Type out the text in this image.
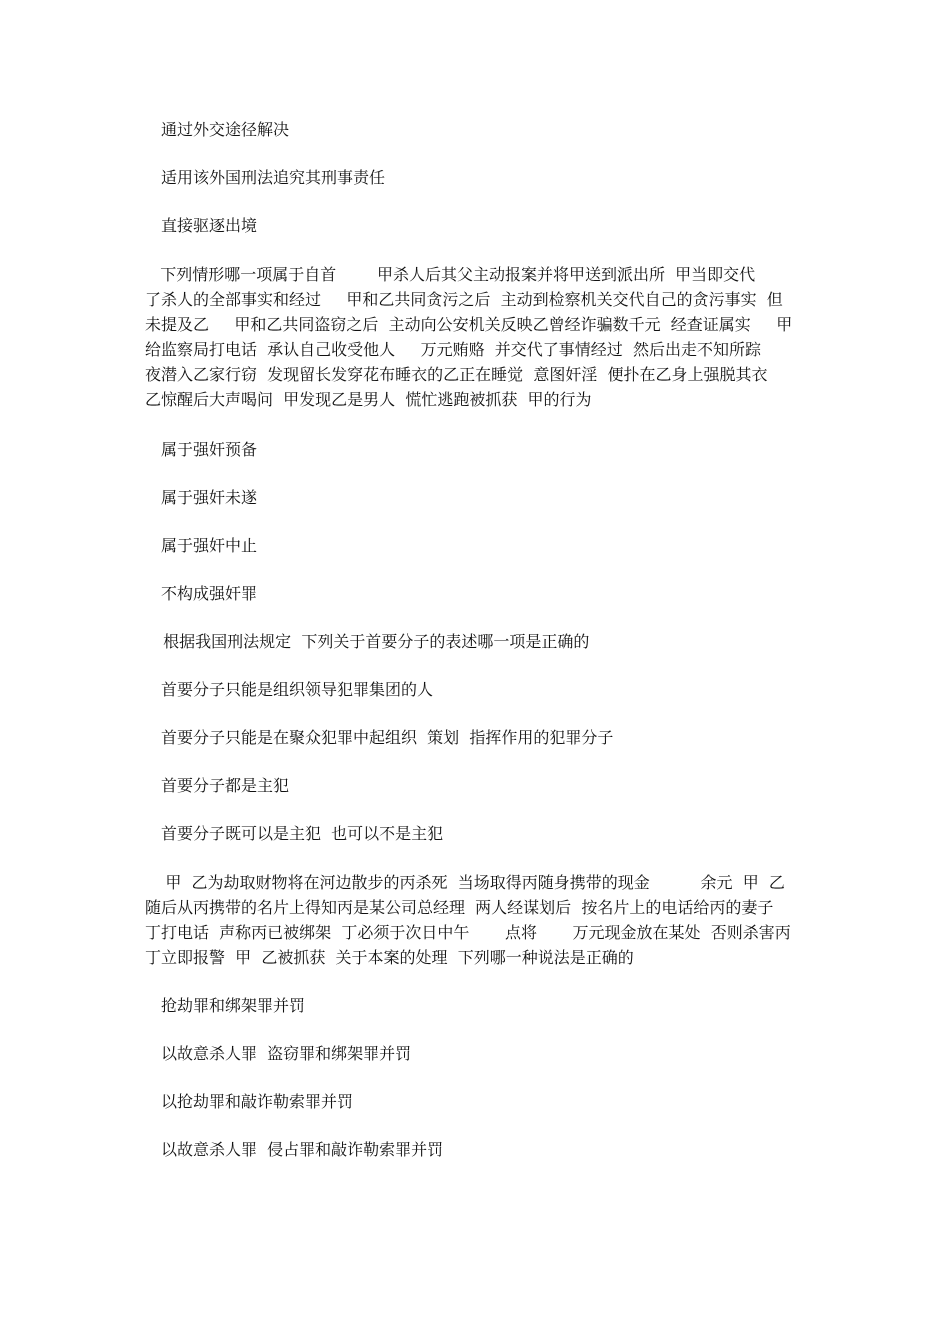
通过外交途径解决
适用该外国刑法追究其刑事责任
直接驱逐出境
下列情形哪一项属于自首        甲杀人后其父主动报案并将甲送到派出所  甲当即交代
了杀人的全部事实和经过     甲和乙共同贪污之后  主动到检察机关交代自己的贪污事实  但
未提及乙     甲和乙共同盗窃之后  主动向公安机关反映乙曾经诈骗数千元  经查证属实     甲
给监察局打电话  承认自己收受他人     万元贿赂  并交代了事情经过  然后出走不知所踪
夜潜入乙家行窃  发现留长发穿花布睡衣的乙正在睡觉  意图奸淫  便扑在乙身上强脱其衣
乙惊醒后大声喝问  甲发现乙是男人  慌忙逃跑被抓获  甲的行为
属于强奸预备
属于强奸未遂
属于强奸中止
不构成强奸罪
根据我国刑法规定  下列关于首要分子的表述哪一项是正确的
首要分子只能是组织领导犯罪集团的人
首要分子只能是在聚众犯罪中起组织  策划  指挥作用的犯罪分子
首要分子都是主犯
首要分子既可以是主犯  也可以不是主犯
甲  乙为劫取财物将在河边散步的丙杀死  当场取得丙随身携带的现金          余元  甲  乙
随后从丙携带的名片上得知丙是某公司总经理  两人经谋划后  按名片上的电话给丙的妻子
丁打电话  声称丙已被绑架  丁必须于次日中午       点将       万元现金放在某处  否则杀害丙
丁立即报警  甲  乙被抓获  关于本案的处理  下列哪一种说法是正确的
抢劫罪和绑架罪并罚
以故意杀人罪  盗窃罪和绑架罪并罚
以抢劫罪和敲诈勒索罪并罚
以故意杀人罪  侵占罪和敲诈勒索罪并罚
